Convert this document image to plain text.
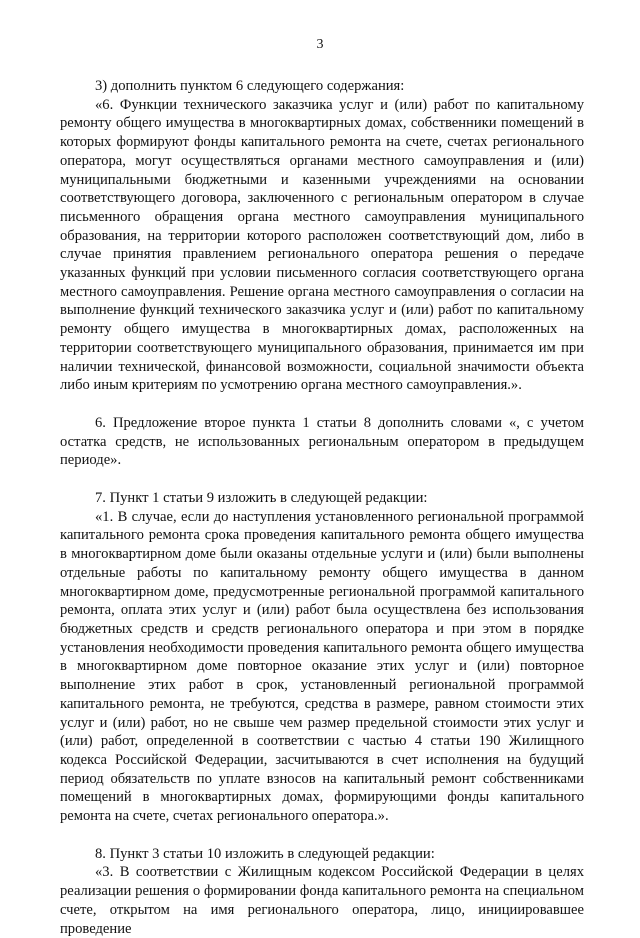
3

3) дополнить пунктом 6 следующего содержания:

«6. Функции технического заказчика услуг и (или) работ по капитальному ремонту общего имущества в многоквартирных домах, собственники помещений в которых формируют фонды капитального ремонта на счете, счетах регионального оператора, могут осуществляться органами местного самоуправления и (или) муниципальными бюджетными и казенными учреждениями на основании соответствующего договора, заключенного с региональным оператором в случае письменного обращения органа местного самоуправления муниципального образования, на территории которого расположен соответствующий дом, либо в случае принятия правлением регионального оператора решения о передаче указанных функций при условии письменного согласия соответствующего органа местного самоуправления. Решение органа местного самоуправления о согласии на выполнение функций технического заказчика услуг и (или) работ по капитальному ремонту общего имущества в многоквартирных домах, расположенных на территории соответствующего муниципального образования, принимается им при наличии технической, финансовой возможности, социальной значимости объекта либо иным критериям по усмотрению органа местного самоуправления.».

6. Предложение второе пункта 1 статьи 8 дополнить словами «, с учетом остатка средств, не использованных региональным оператором в предыдущем периоде».

7. Пункт 1 статьи 9 изложить в следующей редакции:

«1. В случае, если до наступления установленного региональной программой капитального ремонта срока проведения капитального ремонта общего имущества в многоквартирном доме были оказаны отдельные услуги и (или) были выполнены отдельные работы по капитальному ремонту общего имущества в данном многоквартирном доме, предусмотренные региональной программой капитального ремонта, оплата этих услуг и (или) работ была осуществлена без использования бюджетных средств и средств регионального оператора и при этом в порядке установления необходимости проведения капитального ремонта общего имущества в многоквартирном доме повторное оказание этих услуг и (или) повторное выполнение этих работ в срок, установленный региональной программой капитального ремонта, не требуются, средства в размере, равном стоимости этих услуг и (или) работ, но не свыше чем размер предельной стоимости этих услуг и (или) работ, определенной в соответствии с частью 4 статьи 190 Жилищного кодекса Российской Федерации, засчитываются в счет исполнения на будущий период обязательств по уплате взносов на капитальный ремонт собственниками помещений в многоквартирных домах, формирующими фонды капитального ремонта на счете, счетах регионального оператора.».

8. Пункт 3 статьи 10 изложить в следующей редакции:

«3. В соответствии с Жилищным кодексом Российской Федерации в целях реализации решения о формировании фонда капитального ремонта на специальном счете, открытом на имя регионального оператора, лицо, инициировавшее проведение
